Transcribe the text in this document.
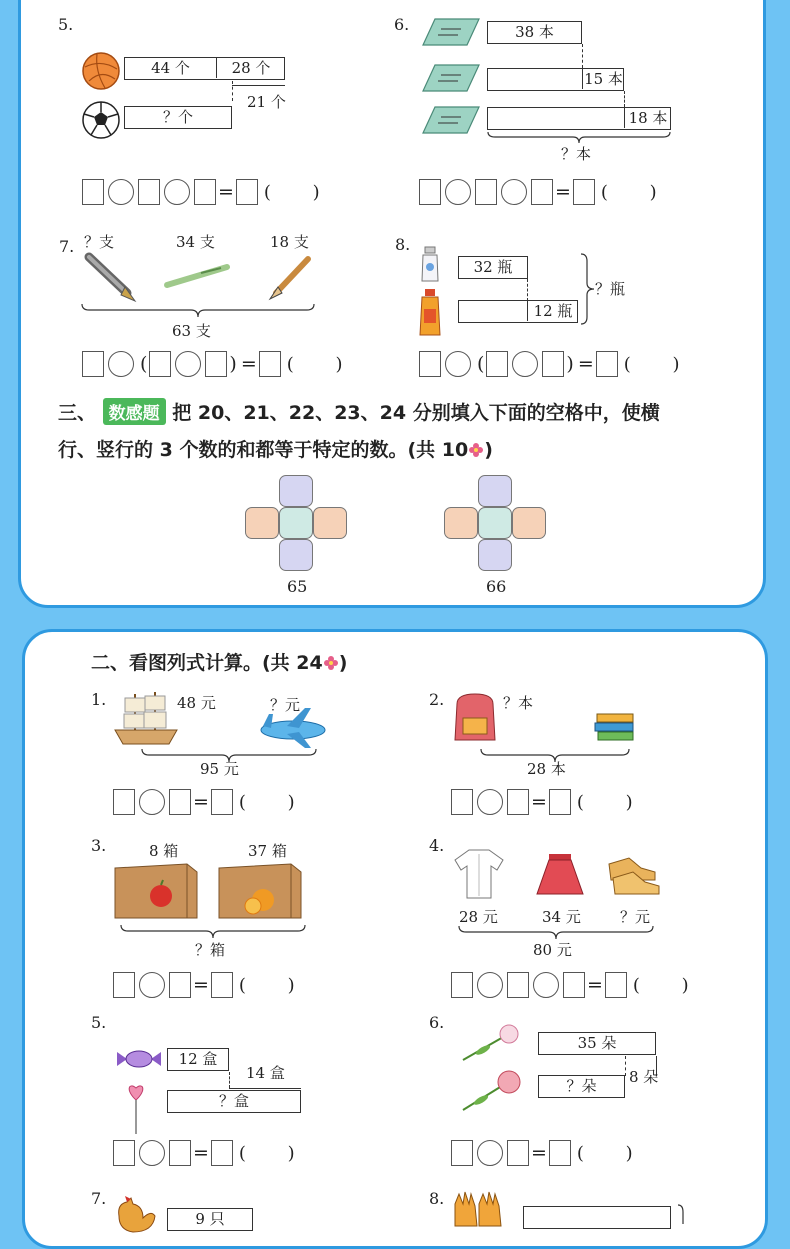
5.
44 个	28 个
21 个
？个
= ( )
6.	38 本
15 本
18 本
？本
= ( )
7. ？支	34 支	18 支
63 支
(	) = ( )
8.
32 瓶
12 瓶
？瓶
(	) = ( )
三、 数感题 把 20、21、22、23、24 分别填入下面的空格中，使横
行、竖行的 3 个数的和都等于特定的数。(共 10 )
65	66
二、看图列式计算。(共 24 )
1.	48 元	？元
95 元
= ( )
2.	？本
28 本
= ( )
3.	8 箱	37 箱
？箱
= ( )
4.
28 元	34 元	？元
80 元
= ( )
5.
12 盒
14 盒
？盒
= ( )
6.
35 朵
8 朵
？朵
= ( )
7.
9 只
8.
